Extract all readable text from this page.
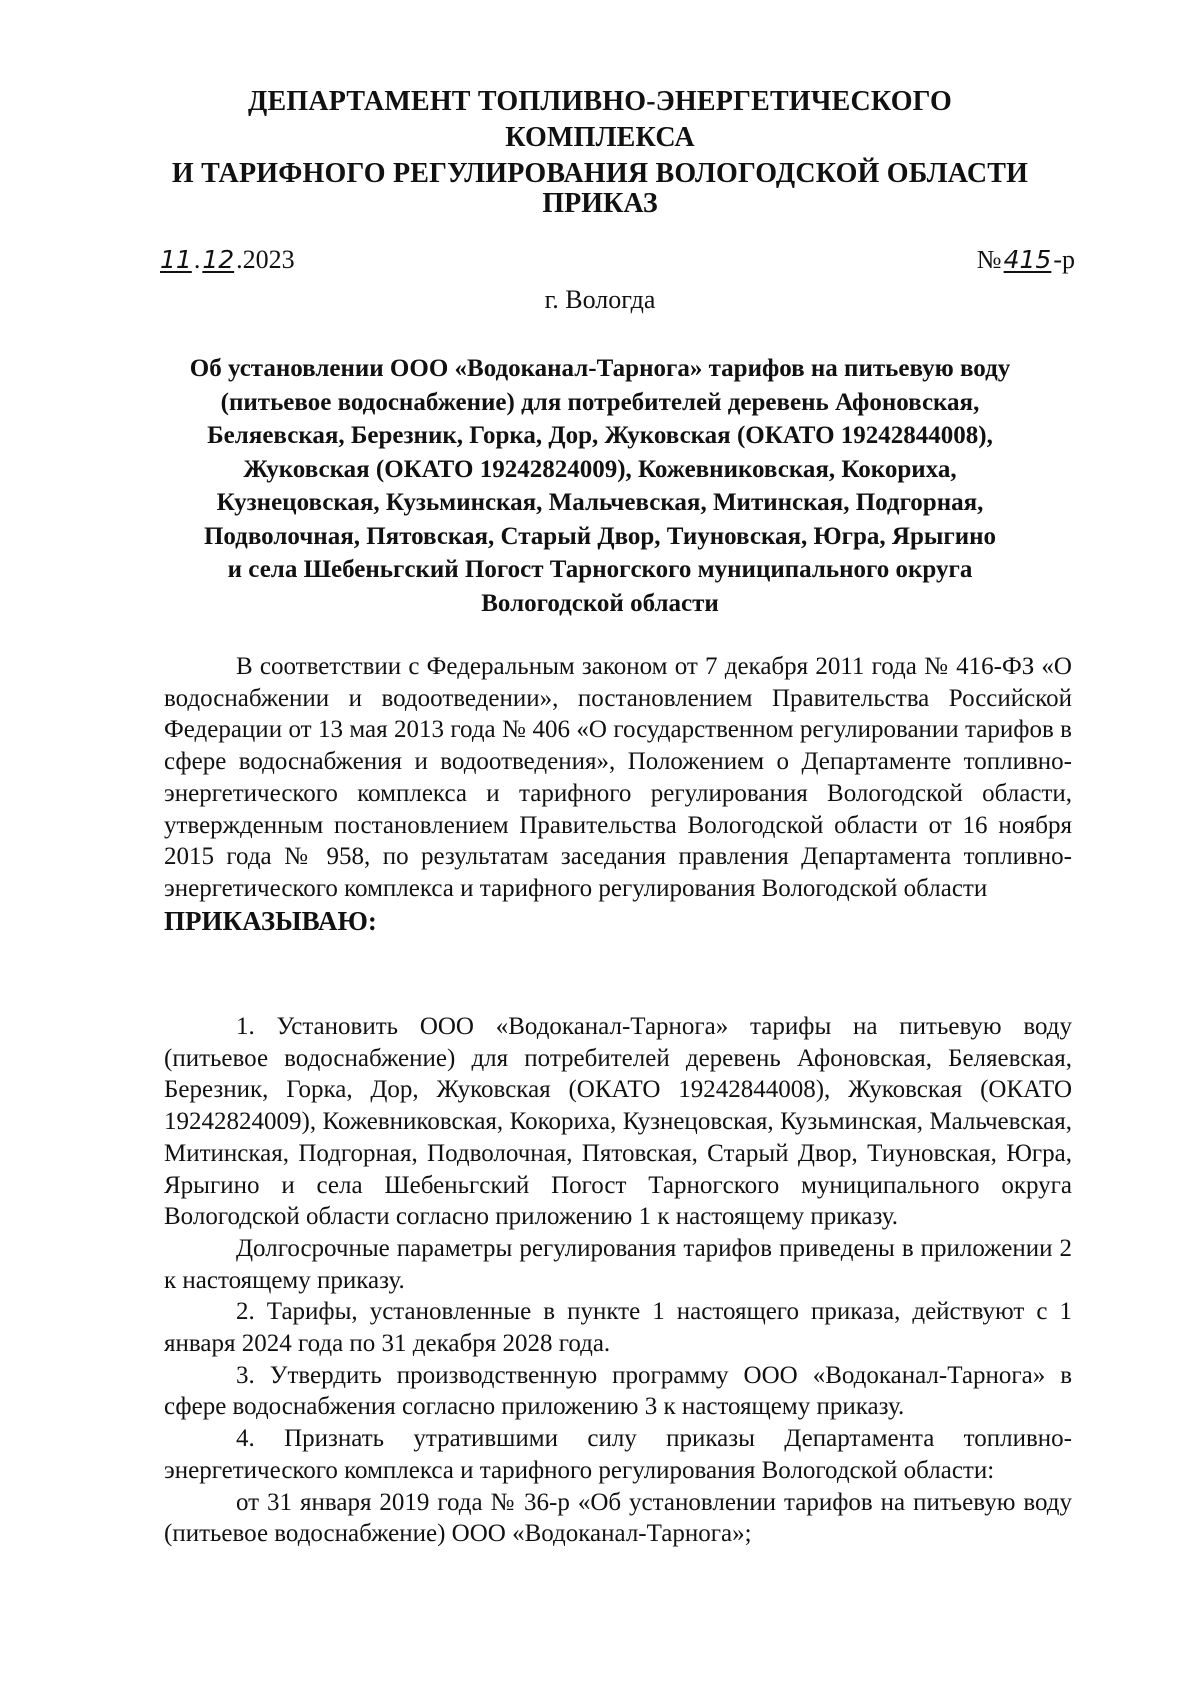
ДЕПАРТАМЕНТ ТОПЛИВНО-ЭНЕРГЕТИЧЕСКОГО КОМПЛЕКСА
И ТАРИФНОГО РЕГУЛИРОВАНИЯ ВОЛОГОДСКОЙ ОБЛАСТИ
ПРИКАЗ
11.12.2023	№415-р
г. Вологда
Об установлении ООО «Водоканал-Тарнога» тарифов на питьевую воду
(питьевое водоснабжение) для потребителей деревень Афоновская,
Беляевская, Березник, Горка, Дор, Жуковская (ОКАТО 19242844008),
Жуковская (ОКАТО 19242824009), Кожевниковская, Кокориха,
Кузнецовская, Кузьминская, Мальчевская, Митинская, Подгорная,
Подволочная, Пятовская, Старый Двор, Тиуновская, Югра, Ярыгино
и села Шебеньгский Погост Тарногского муниципального округа
Вологодской области

В соответствии с Федеральным законом от 7 декабря 2011 года № 416-ФЗ «О водоснабжении и водоотведении», постановлением Правительства Российской Федерации от 13 мая 2013 года № 406 «О государственном регулировании тарифов в сфере водоснабжения и водоотведения», Положением о Департаменте топливно-энергетического комплекса и тарифного регулирования Вологодской области, утвержденным постановлением Правительства Вологодской области от 16 ноября 2015 года № 958, по результатам заседания правления Департамента топливно-энергетического комплекса и тарифного регулирования Вологодской области

ПРИКАЗЫВАЮ:

1. Установить ООО «Водоканал-Тарнога» тарифы на питьевую воду (питьевое водоснабжение) для потребителей деревень Афоновская, Беляевская, Березник, Горка, Дор, Жуковская (ОКАТО 19242844008), Жуковская (ОКАТО 19242824009), Кожевниковская, Кокориха, Кузнецовская, Кузьминская, Мальчевская, Митинская, Подгорная, Подволочная, Пятовская, Старый Двор, Тиуновская, Югра, Ярыгино и села Шебеньгский Погост Тарногского муниципального округа Вологодской области согласно приложению 1 к настоящему приказу.

Долгосрочные параметры регулирования тарифов приведены в приложении 2 к настоящему приказу.

2. Тарифы, установленные в пункте 1 настоящего приказа, действуют с 1 января 2024 года по 31 декабря 2028 года.

3. Утвердить производственную программу ООО «Водоканал-Тарнога» в сфере водоснабжения согласно приложению 3 к настоящему приказу.

4. Признать утратившими силу приказы Департамента топливно-энергетического комплекса и тарифного регулирования Вологодской области:

от 31 января 2019 года № 36-р «Об установлении тарифов на питьевую воду (питьевое водоснабжение) ООО «Водоканал-Тарнога»;
